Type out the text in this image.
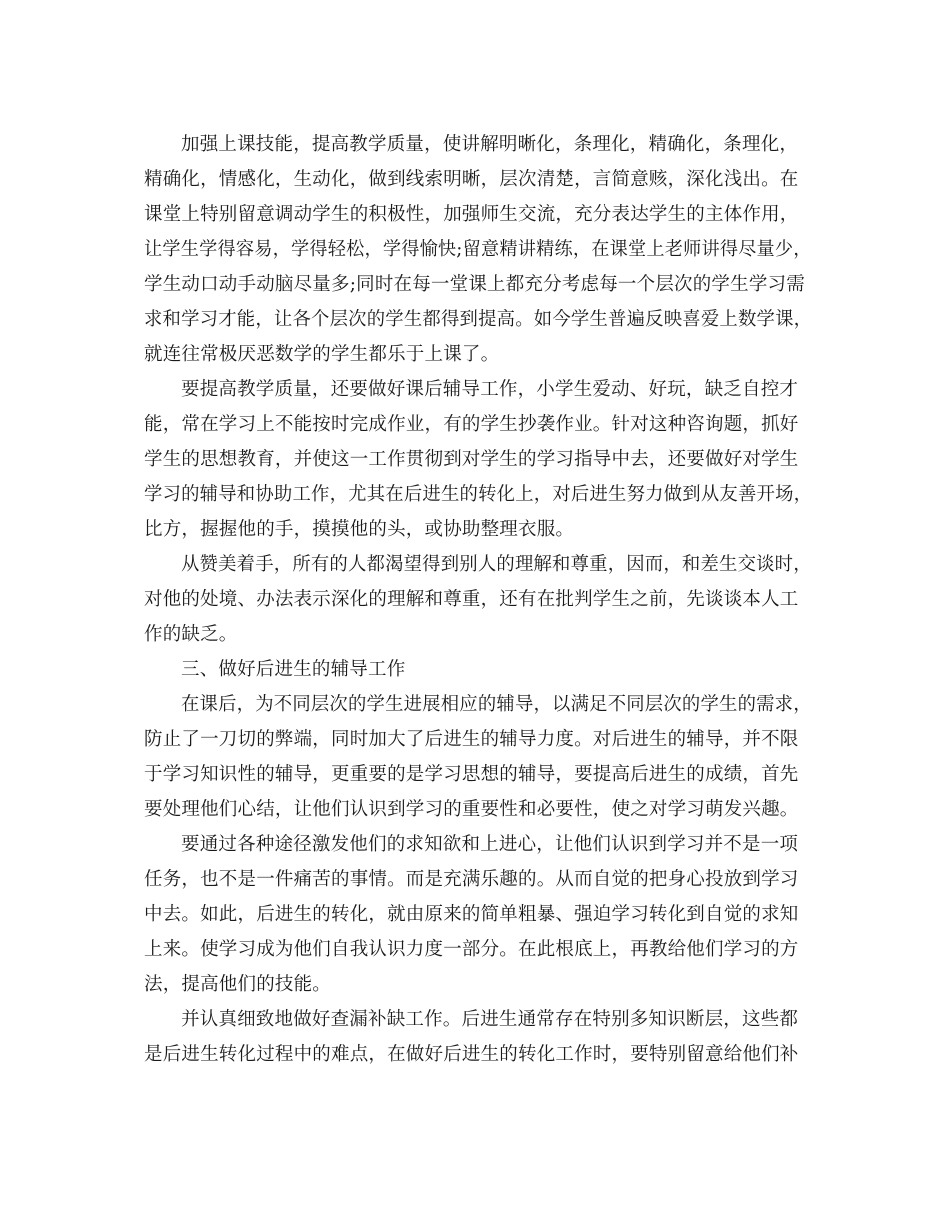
加强上课技能，提高教学质量，使讲解明晰化，条理化，精确化，条理化，
精确化，情感化，生动化，做到线索明晰，层次清楚，言简意赅，深化浅出。在
课堂上特别留意调动学生的积极性，加强师生交流，充分表达学生的主体作用，
让学生学得容易，学得轻松，学得愉快;留意精讲精练，在课堂上老师讲得尽量少，
学生动口动手动脑尽量多;同时在每一堂课上都充分考虑每一个层次的学生学习需
求和学习才能，让各个层次的学生都得到提高。如今学生普遍反映喜爱上数学课，
就连往常极厌恶数学的学生都乐于上课了。
要提高教学质量，还要做好课后辅导工作，小学生爱动、好玩，缺乏自控才
能，常在学习上不能按时完成作业，有的学生抄袭作业。针对这种咨询题，抓好
学生的思想教育，并使这一工作贯彻到对学生的学习指导中去，还要做好对学生
学习的辅导和协助工作，尤其在后进生的转化上，对后进生努力做到从友善开场，
比方，握握他的手，摸摸他的头，或协助整理衣服。
从赞美着手，所有的人都渴望得到别人的理解和尊重，因而，和差生交谈时，
对他的处境、办法表示深化的理解和尊重，还有在批判学生之前，先谈谈本人工
作的缺乏。
三、做好后进生的辅导工作
在课后，为不同层次的学生进展相应的辅导，以满足不同层次的学生的需求，
防止了一刀切的弊端，同时加大了后进生的辅导力度。对后进生的辅导，并不限
于学习知识性的辅导，更重要的是学习思想的辅导，要提高后进生的成绩，首先
要处理他们心结，让他们认识到学习的重要性和必要性，使之对学习萌发兴趣。
要通过各种途径激发他们的求知欲和上进心，让他们认识到学习并不是一项
任务，也不是一件痛苦的事情。而是充满乐趣的。从而自觉的把身心投放到学习
中去。如此，后进生的转化，就由原来的简单粗暴、强迫学习转化到自觉的求知
上来。使学习成为他们自我认识力度一部分。在此根底上，再教给他们学习的方
法，提高他们的技能。
并认真细致地做好查漏补缺工作。后进生通常存在特别多知识断层，这些都
是后进生转化过程中的难点，在做好后进生的转化工作时，要特别留意给他们补
